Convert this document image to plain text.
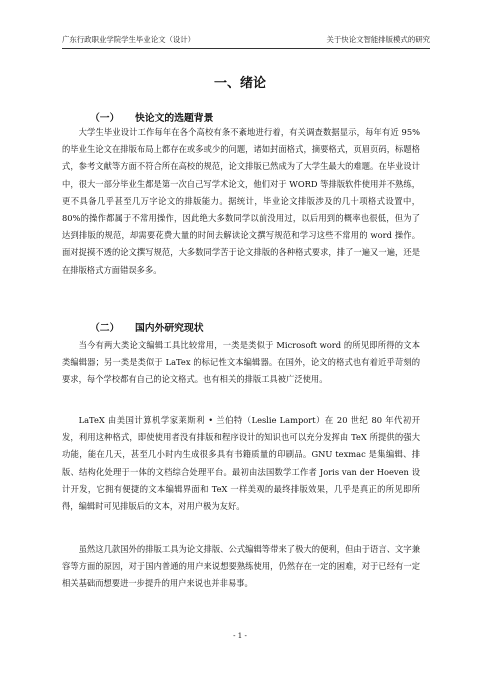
广东行政职业学院学生毕业论文（设计）	关于快论文智能排版模式的研究
一、绪论
（一） 快论文的选题背景

大学生毕业设计工作每年在各个高校有条不紊地进行着，有关调查数据显示，每年有近 95%的毕业生论文在排版布局上都存在或多或少的问题，诸如封面格式，摘要格式，页眉页码，标题格式，参考文献等方面不符合所在高校的规范，论文排版已然成为了大学生最大的难题。在毕业设计中，很大一部分毕业生都是第一次自己写学术论文，他们对于 WORD 等排版软件使用并不熟练，更不具备几乎甚至几万字论文的排版能力。据统计，毕业论文排版涉及的几十项格式设置中，80%的操作都属于不常用操作，因此绝大多数同学以前没用过，以后用到的概率也很低，但为了达到排版的规范，却需要花费大量的时间去解读论文撰写规范和学习这些不常用的 word 操作。面对捉摸不透的论文撰写规范，大多数同学苦于论文排版的各种格式要求，排了一遍又一遍，还是在排版格式方面错误多多。

（二） 国内外研究现状

当今有两大类论文编辑工具比较常用，一类是类似于 Microsoft word 的所见即所得的文本类编辑器；另一类是类似于 LaTex 的标记性文本编辑器。在国外，论文的格式也有着近乎苛刻的要求，每个学校都有自己的论文格式。也有相关的排版工具被广泛使用。

LaTeX 由美国计算机学家莱斯利 • 兰伯特（Leslie Lamport）在 20 世纪 80 年代初开发，利用这种格式，即使使用者没有排版和程序设计的知识也可以充分发挥由 TeX 所提供的强大功能，能在几天，甚至几小时内生成很多具有书籍质量的印刷品。GNU texmac 是集编辑、排版、结构化处理于一体的文档综合处理平台。最初由法国数学工作者 Joris van der Hoeven 设计开发，它拥有便捷的文本编辑界面和 TeX 一样美观的最终排版效果，几乎是真正的所见即所得，编辑时可见排版后的文本，对用户极为友好。

虽然这几款国外的排版工具为论文排版、公式编辑等带来了极大的便利，但由于语言、文字兼容等方面的原因，对于国内普通的用户来说想要熟练使用，仍然存在一定的困难，对于已经有一定相关基础而想要进一步提升的用户来说也并非易事。

- 1 -
